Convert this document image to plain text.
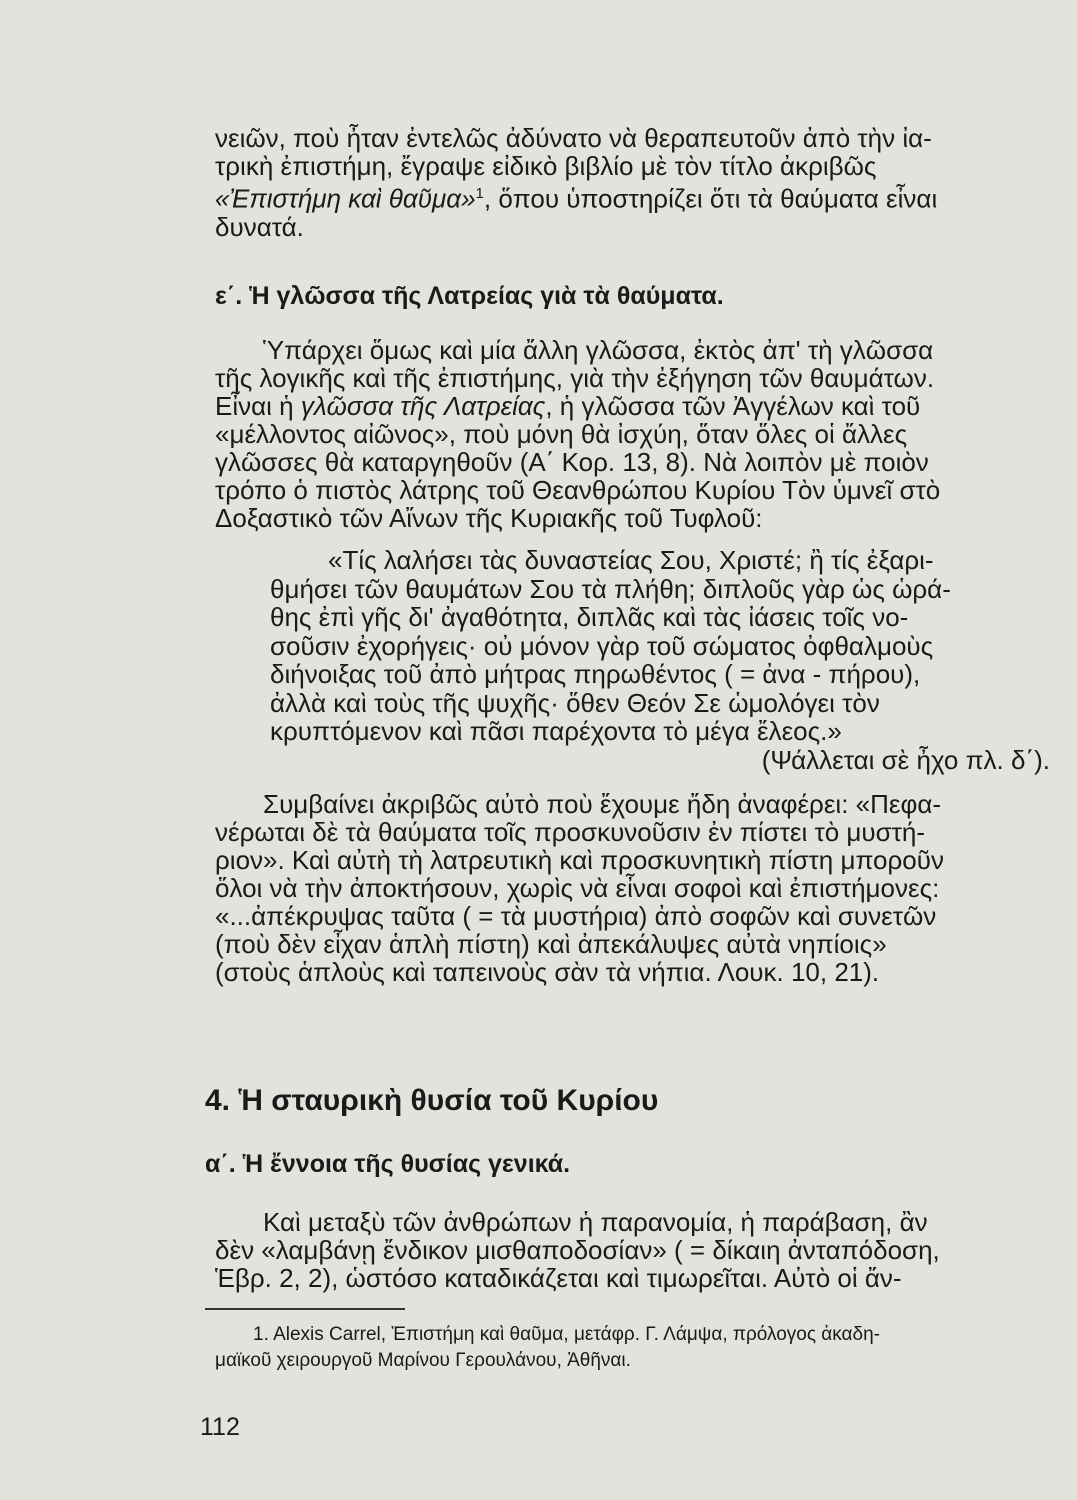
νειῶν, ποὺ ἦταν ἐντελῶς ἀδύνατο νὰ θεραπευτοῦν ἀπὸ τὴν ἰα-
τρικὴ ἐπιστήμη, ἔγραψε εἰδικὸ βιβλίο μὲ τὸν τίτλο ἀκριβῶς
«Ἐπιστήμη καὶ θαῦμα»$^1$, ὅπου ὑποστηρίζει ὅτι τὰ θαύματα εἶναι
δυνατά.
ε΄. Ἡ γλῶσσα τῆς Λατρείας γιὰ τὰ θαύματα.
Ὑπάρχει ὅμως καὶ μία ἄλλη γλῶσσα, ἐκτὸς ἀπ' τὴ γλῶσσα
τῆς λογικῆς καὶ τῆς ἐπιστήμης, γιὰ τὴν ἐξήγηση τῶν θαυμάτων.
Εἶναι ἡ γλῶσσα τῆς Λατρείας, ἡ γλῶσσα τῶν Ἀγγέλων καὶ τοῦ
«μέλλοντος αἰῶνος», ποὺ μόνη θὰ ἰσχύη, ὅταν ὅλες οἱ ἄλλες
γλῶσσες θὰ καταργηθοῦν (Α΄ Κορ. 13, 8). Νὰ λοιπὸν μὲ ποιὸν
τρόπο ὁ πιστὸς λάτρης τοῦ Θεανθρώπου Κυρίου Τὸν ὑμνεῖ στὸ
Δοξαστικὸ τῶν Αἴνων τῆς Κυριακῆς τοῦ Τυφλοῦ:
«Τίς λαλήσει τὰς δυναστείας Σου, Χριστέ; ἢ τίς ἐξαρι-
θμήσει τῶν θαυμάτων Σου τὰ πλήθη; διπλοῦς γὰρ ὡς ὡρά-
θης ἐπὶ γῆς δι' ἀγαθότητα, διπλᾶς καὶ τὰς ἰάσεις τοῖς νο-
σοῦσιν ἐχορήγεις· οὐ μόνον γὰρ τοῦ σώματος ὀφθαλμοὺς
διήνοιξας τοῦ ἀπὸ μήτρας πηρωθέντος ( = ἀνα - πήρου),
ἀλλὰ καὶ τοὺς τῆς ψυχῆς· ὅθεν Θεόν Σε ὡμολόγει τὸν
κρυπτόμενον καὶ πᾶσι παρέχοντα τὸ μέγα ἔλεος.»
(Ψάλλεται σὲ ἦχο πλ. δ΄).
Συμβαίνει ἀκριβῶς αὐτὸ ποὺ ἔχουμε ἤδη ἀναφέρει: «Πεφα-
νέρωται δὲ τὰ θαύματα τοῖς προσκυνοῦσιν ἐν πίστει τὸ μυστή-
ριον». Καὶ αὐτὴ τὴ λατρευτικὴ καὶ προσκυνητικὴ πίστη μποροῦν
ὅλοι νὰ τὴν ἀποκτήσουν, χωρὶς νὰ εἶναι σοφοὶ καὶ ἐπιστήμονες:
«...ἀπέκρυψας ταῦτα ( = τὰ μυστήρια) ἀπὸ σοφῶν καὶ συνετῶν
(ποὺ δὲν εἶχαν ἁπλὴ πίστη) καὶ ἀπεκάλυψες αὐτὰ νηπίοις»
(στοὺς ἁπλοὺς καὶ ταπεινοὺς σὰν τὰ νήπια. Λουκ. 10, 21).
4. Ἡ σταυρικὴ θυσία τοῦ Κυρίου
α΄. Ἡ ἔννοια τῆς θυσίας γενικά.
Καὶ μεταξὺ τῶν ἀνθρώπων ἡ παρανομία, ἡ παράβαση, ἂν
δὲν «λαμβάνῃ ἔνδικον μισθαποδοσίαν» ( = δίκαιη ἀνταπόδοση,
Ἑβρ. 2, 2), ὡστόσο καταδικάζεται καὶ τιμωρεῖται. Αὐτὸ οἱ ἄν-
1. Alexis Carrel, Ἐπιστήμη καὶ θαῦμα, μετάφρ. Γ. Λάμψα, πρόλογος ἀκαδη-
μαϊκοῦ χειρουργοῦ Μαρίνου Γερουλάνου, Ἀθῆναι.
112
